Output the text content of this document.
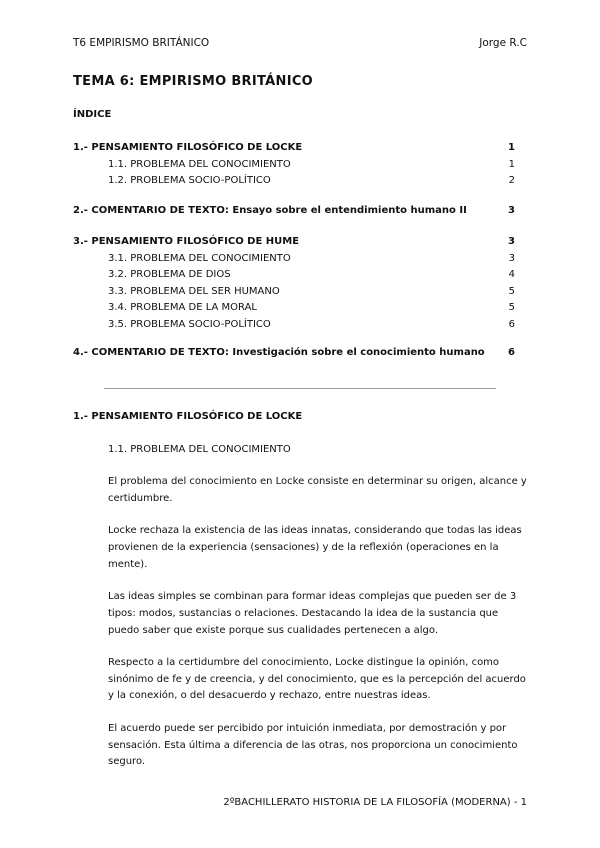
T6 EMPIRISMO BRITÁNICO	Jorge R.C
TEMA 6: EMPIRISMO BRITÁNICO
ÍNDICE
1.- PENSAMIENTO FILOSÓFICO DE LOCKE	1
1.1. PROBLEMA DEL CONOCIMIENTO	1
1.2. PROBLEMA SOCIO-POLÍTICO	2
2.- COMENTARIO DE TEXTO: Ensayo sobre el entendimiento humano II	3
3.- PENSAMIENTO FILOSÓFICO DE HUME	3
3.1. PROBLEMA DEL CONOCIMIENTO	3
3.2. PROBLEMA DE DIOS	4
3.3. PROBLEMA DEL SER HUMANO	5
3.4. PROBLEMA DE LA MORAL	5
3.5. PROBLEMA SOCIO-POLÍTICO	6
4.- COMENTARIO DE TEXTO: Investigación sobre el conocimiento humano	6
1.- PENSAMIENTO FILOSÓFICO DE LOCKE
1.1. PROBLEMA DEL CONOCIMIENTO

El problema del conocimiento en Locke consiste en determinar su origen, alcance y certidumbre.

Locke rechaza la existencia de las ideas innatas, considerando que todas las ideas provienen de la experiencia (sensaciones) y de la reflexión (operaciones en la mente).

Las ideas simples se combinan para formar ideas complejas que pueden ser de 3 tipos: modos, sustancias o relaciones. Destacando la idea de la sustancia que puedo saber que existe porque sus cualidades pertenecen a algo.

Respecto a la certidumbre del conocimiento, Locke distingue la opinión, como sinónimo de fe y de creencia, y del conocimiento, que es la percepción del acuerdo y la conexión, o del desacuerdo y rechazo, entre nuestras ideas.

El acuerdo puede ser percibido por intuición inmediata, por demostración y por sensación. Esta última a diferencia de las otras, nos proporciona un conocimiento seguro.

2ºBACHILLERATO HISTORIA DE LA FILOSOFÍA (MODERNA) - 1
